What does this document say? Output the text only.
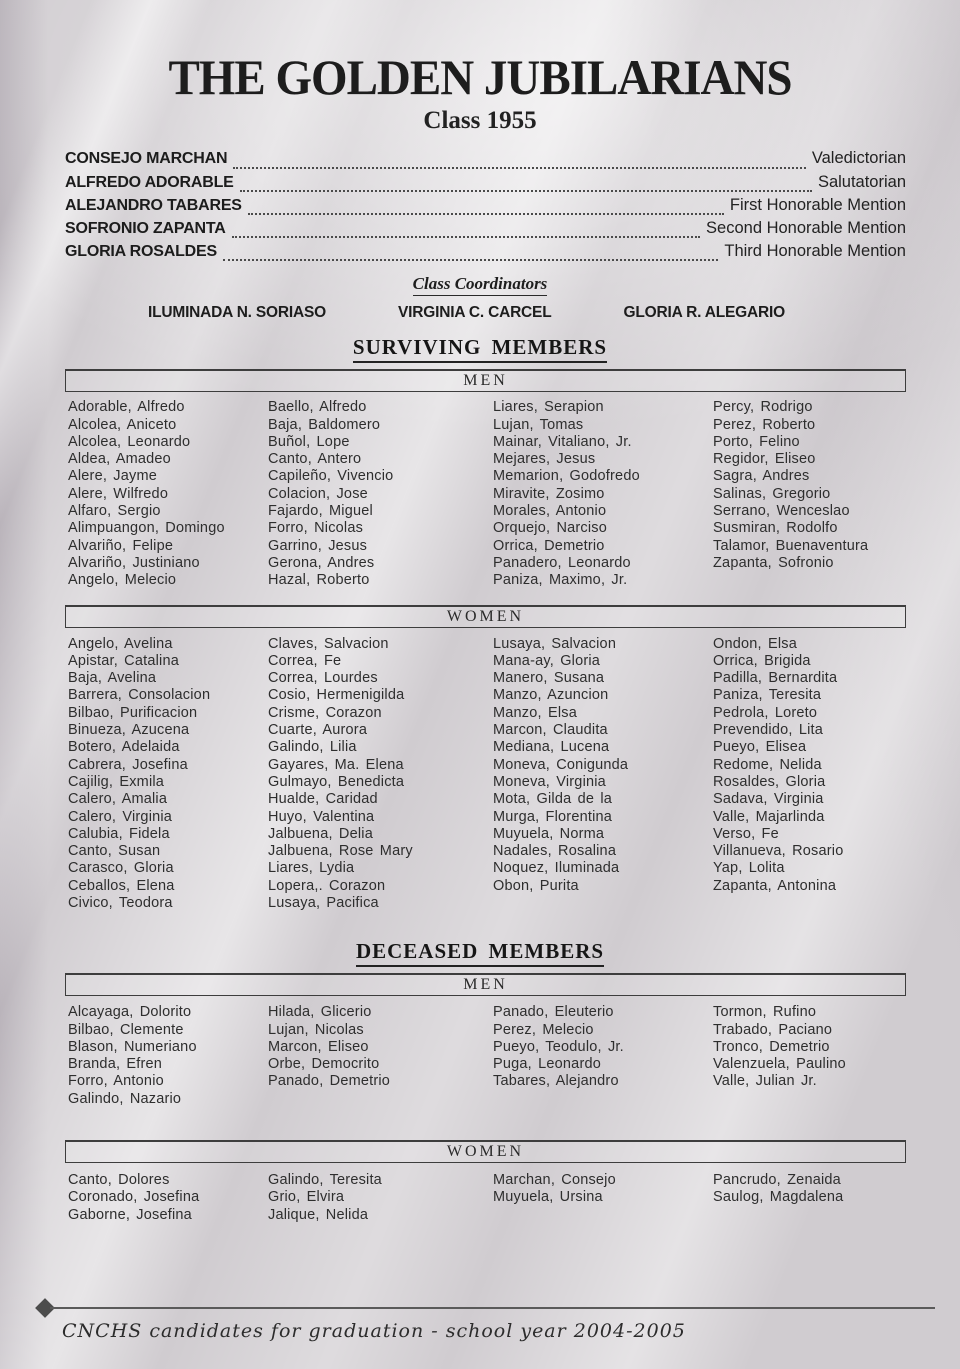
THE GOLDEN JUBILARIANS
Class 1955
CONSEJO MARCHAN	Valedictorian
ALFREDO ADORABLE	Salutatorian
ALEJANDRO TABARES	First Honorable Mention
SOFRONIO ZAPANTA	Second Honorable Mention
GLORIA ROSALDES	Third Honorable Mention
Class Coordinators
ILUMINADA N. SORIASO	VIRGINIA C. CARCEL	GLORIA R. ALEGARIO
SURVIVING MEMBERS
MEN
Adorable, Alfredo
Alcolea, Aniceto
Alcolea, Leonardo
Aldea, Amadeo
Alere, Jayme
Alere, Wilfredo
Alfaro, Sergio
Alimpuangon, Domingo
Alvariño, Felipe
Alvariño, Justiniano
Angelo, Melecio
Baello, Alfredo
Baja, Baldomero
Buñol, Lope
Canto, Antero
Capileño, Vivencio
Colacion, Jose
Fajardo, Miguel
Forro, Nicolas
Garrino, Jesus
Gerona, Andres
Hazal, Roberto
Liares, Serapion
Lujan, Tomas
Mainar, Vitaliano, Jr.
Mejares, Jesus
Memarion, Godofredo
Miravite, Zosimo
Morales, Antonio
Orquejo, Narciso
Orrica, Demetrio
Panadero, Leonardo
Paniza, Maximo, Jr.
Percy, Rodrigo
Perez, Roberto
Porto, Felino
Regidor, Eliseo
Sagra, Andres
Salinas, Gregorio
Serrano, Wenceslao
Susmiran, Rodolfo
Talamor, Buenaventura
Zapanta, Sofronio
WOMEN
Angelo, Avelina
Apistar, Catalina
Baja, Avelina
Barrera, Consolacion
Bilbao, Purificacion
Binueza, Azucena
Botero, Adelaida
Cabrera, Josefina
Cajilig, Exmila
Calero, Amalia
Calero, Virginia
Calubia, Fidela
Canto, Susan
Carasco, Gloria
Ceballos, Elena
Civico, Teodora
Claves, Salvacion
Correa, Fe
Correa, Lourdes
Cosio, Hermenigilda
Crisme, Corazon
Cuarte, Aurora
Galindo, Lilia
Gayares, Ma. Elena
Gulmayo, Benedicta
Hualde, Caridad
Huyo, Valentina
Jalbuena, Delia
Jalbuena, Rose Mary
Liares, Lydia
Lopera,. Corazon
Lusaya, Pacifica
Lusaya, Salvacion
Mana-ay, Gloria
Manero, Susana
Manzo, Azuncion
Manzo, Elsa
Marcon, Claudita
Mediana, Lucena
Moneva, Conigunda
Moneva, Virginia
Mota, Gilda de la
Murga, Florentina
Muyuela, Norma
Nadales, Rosalina
Noquez, Iluminada
Obon, Purita
Ondon, Elsa
Orrica, Brigida
Padilla, Bernardita
Paniza, Teresita
Pedrola, Loreto
Prevendido, Lita
Pueyo, Elisea
Redome, Nelida
Rosaldes, Gloria
Sadava, Virginia
Valle, Majarlinda
Verso, Fe
Villanueva, Rosario
Yap, Lolita
Zapanta, Antonina
DECEASED MEMBERS
MEN
Alcayaga, Dolorito
Bilbao, Clemente
Blason, Numeriano
Branda, Efren
Forro, Antonio
Galindo, Nazario
Hilada, Glicerio
Lujan, Nicolas
Marcon, Eliseo
Orbe, Democrito
Panado, Demetrio
Panado, Eleuterio
Perez, Melecio
Pueyo, Teodulo, Jr.
Puga, Leonardo
Tabares, Alejandro
Tormon, Rufino
Trabado, Paciano
Tronco, Demetrio
Valenzuela, Paulino
Valle, Julian Jr.
WOMEN
Canto, Dolores
Coronado, Josefina
Gaborne, Josefina
Galindo, Teresita
Grio, Elvira
Jalique, Nelida
Marchan, Consejo
Muyuela, Ursina
Pancrudo, Zenaida
Saulog, Magdalena
CNCHS candidates for graduation - school year 2004-2005
